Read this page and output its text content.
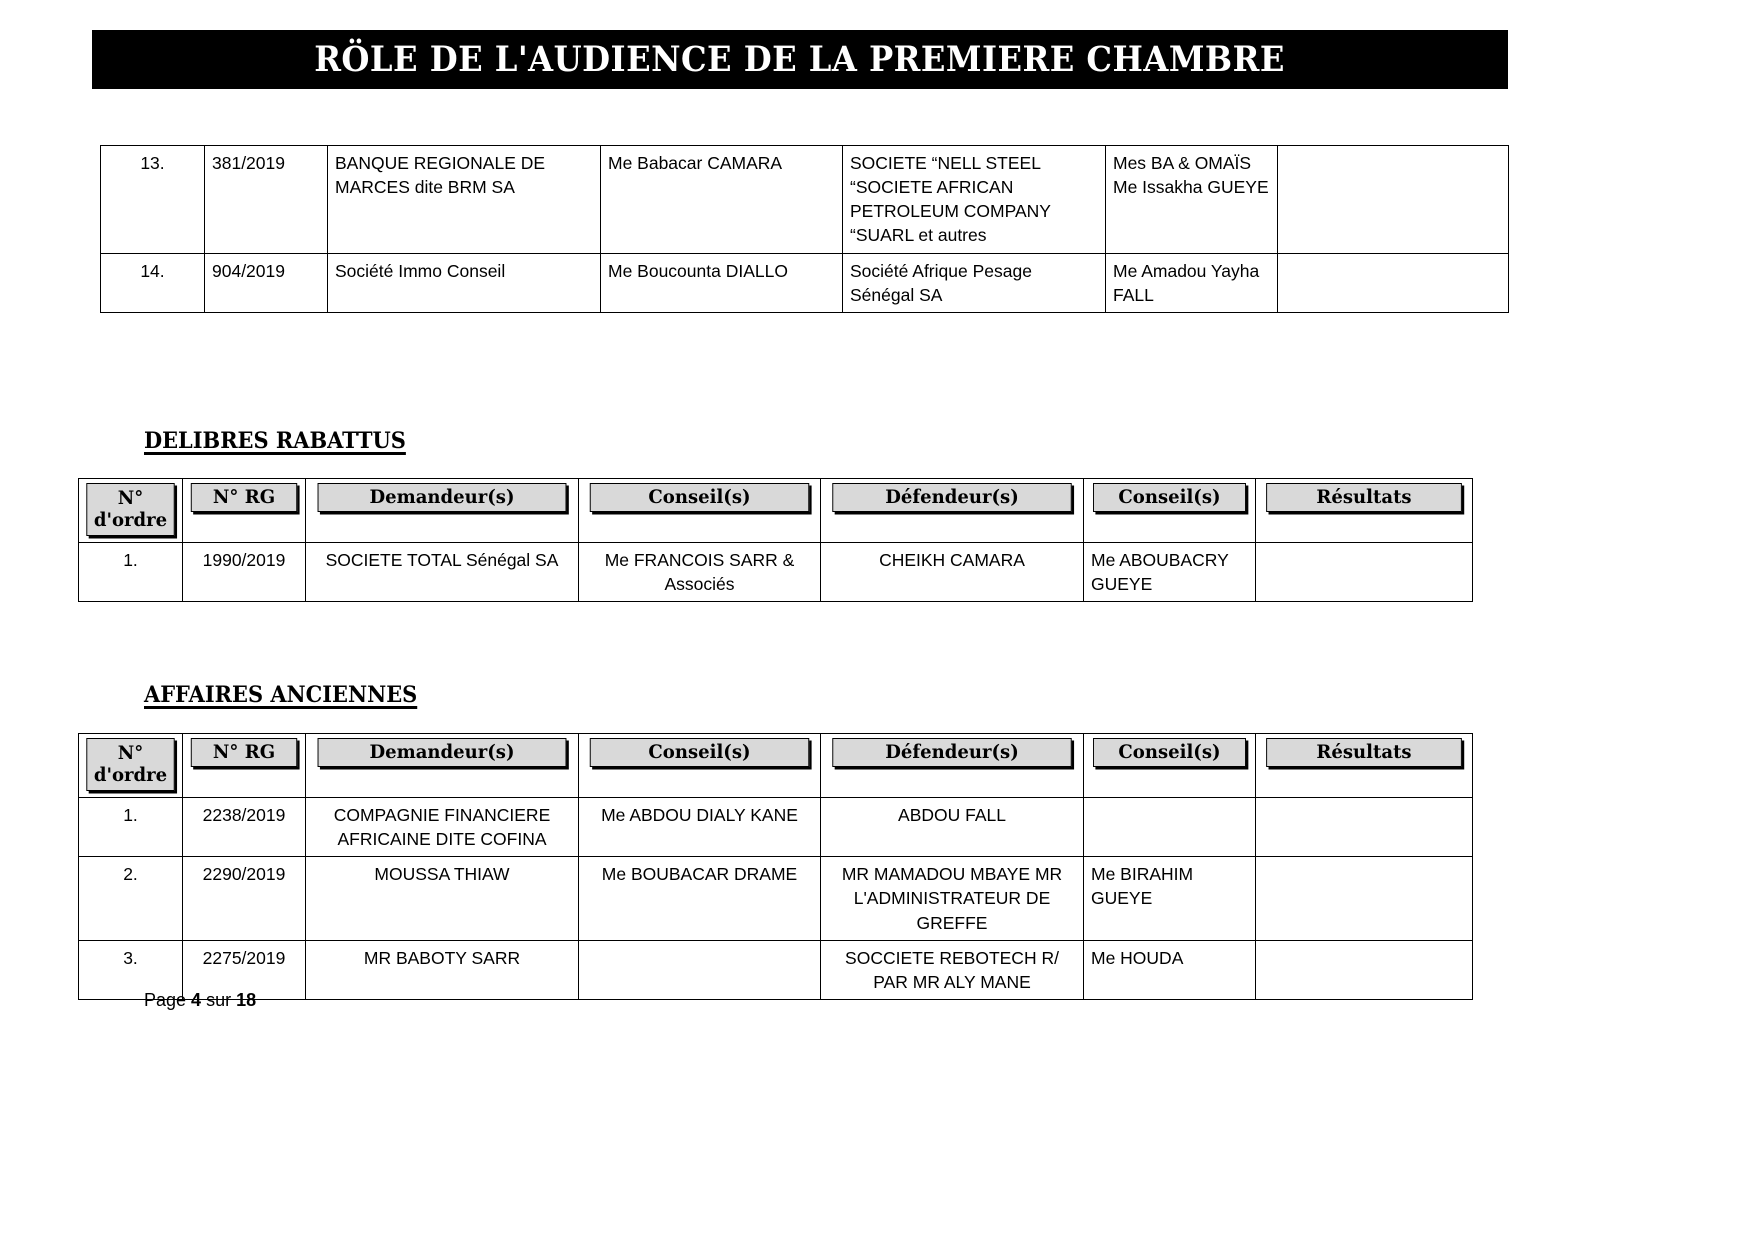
RÖLE DE L'AUDIENCE DE LA PREMIERE CHAMBRE
13.	381/2019	BANQUE REGIONALE DE MARCES dite BRM SA	Me Babacar CAMARA	SOCIETE “NELL STEEL “SOCIETE AFRICAN PETROLEUM COMPANY “SUARL et autres	Mes BA & OMAÏS Me Issakha GUEYE	
14.	904/2019	Société Immo Conseil	Me Boucounta DIALLO	Société Afrique Pesage Sénégal SA	Me Amadou Yayha FALL	
DELIBRES RABATTUS
N°
d'ordre	N° RG	Demandeur(s)	Conseil(s)	Défendeur(s)	Conseil(s)	Résultats

1.	1990/2019	SOCIETE TOTAL Sénégal SA	Me FRANCOIS SARR & Associés	CHEIKH CAMARA	Me ABOUBACRY GUEYE	
AFFAIRES ANCIENNES
N°
d'ordre	N° RG	Demandeur(s)	Conseil(s)	Défendeur(s)	Conseil(s)	Résultats

1.	2238/2019	COMPAGNIE FINANCIERE AFRICAINE DITE COFINA	Me ABDOU DIALY KANE	ABDOU FALL		
2.	2290/2019	MOUSSA THIAW	Me BOUBACAR DRAME	MR MAMADOU MBAYE MR L'ADMINISTRATEUR DE GREFFE	Me BIRAHIM GUEYE	
3.	2275/2019	MR BABOTY SARR		SOCCIETE REBOTECH R/ PAR MR ALY MANE	Me HOUDA	
Page 4 sur 18
